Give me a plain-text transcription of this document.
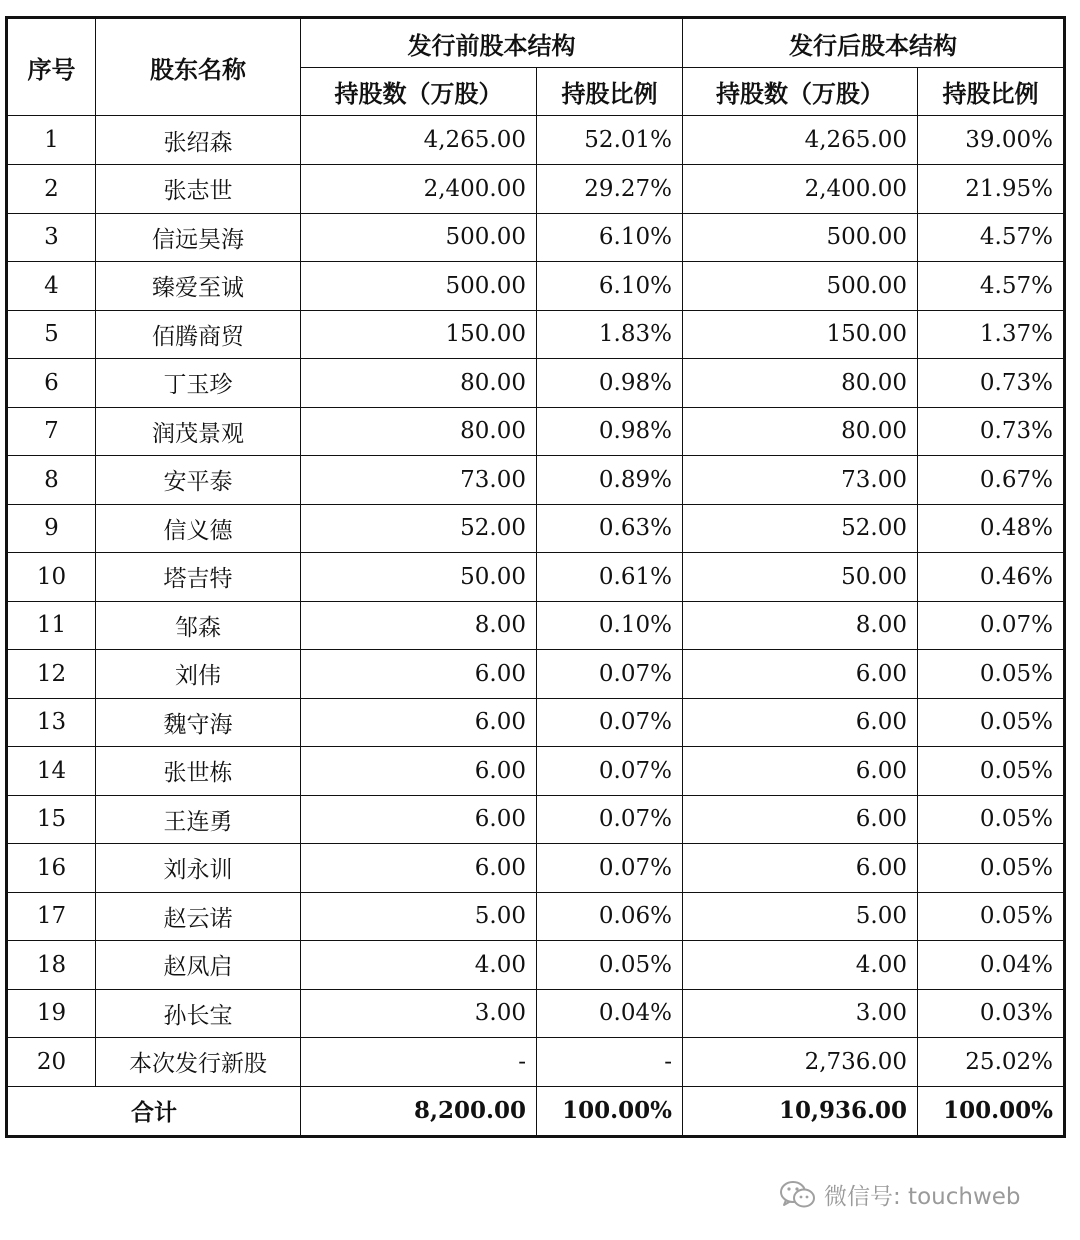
序号	股东名称	发行前股本结构		发行后股本结构	
		持股数（万股）	持股比例	持股数（万股）	持股比例
1	张绍森	4,265.00	52.01%	4,265.00	39.00%
2	张志世	2,400.00	29.27%	2,400.00	21.95%
3	信远昊海	500.00	6.10%	500.00	4.57%
4	臻爱至诚	500.00	6.10%	500.00	4.57%
5	佰腾商贸	150.00	1.83%	150.00	1.37%
6	丁玉珍	80.00	0.98%	80.00	0.73%
7	润茂景观	80.00	0.98%	80.00	0.73%
8	安平泰	73.00	0.89%	73.00	0.67%
9	信义德	52.00	0.63%	52.00	0.48%
10	塔吉特	50.00	0.61%	50.00	0.46%
11	邹森	8.00	0.10%	8.00	0.07%
12	刘伟	6.00	0.07%	6.00	0.05%
13	魏守海	6.00	0.07%	6.00	0.05%
14	张世栋	6.00	0.07%	6.00	0.05%
15	王连勇	6.00	0.07%	6.00	0.05%
16	刘永训	6.00	0.07%	6.00	0.05%
17	赵云诺	5.00	0.06%	5.00	0.05%
18	赵凤启	4.00	0.05%	4.00	0.04%
19	孙长宝	3.00	0.04%	3.00	0.03%
20	本次发行新股	-	-	2,736.00	25.02%
合计		8,200.00	100.00%	10,936.00	100.00%
微信号: touchweb
